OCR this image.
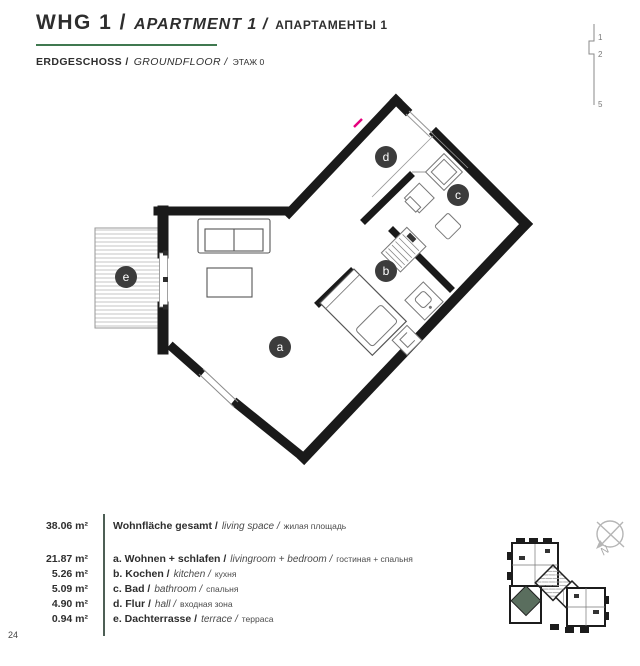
WHG 1 / APARTMENT 1 / АПАРТАМЕНТЫ 1
ERDGESCHOSS / GROUNDFLOOR / ЭТАЖ 0
1
2
5
a
b
c
d
e
38.06 m² Wohnfläche gesamt / living space / жилая площадь
21.87 m² a. Wohnen + schlafen / livingroom + bedroom / гостиная + спальня
5.26 m² b. Kochen / kitchen / кухня
5.09 m² c. Bad / bathroom / спальня
4.90 m² d. Flur / hall / входная зона
0.94 m² e. Dachterrasse / terrace / терраса
N
24
